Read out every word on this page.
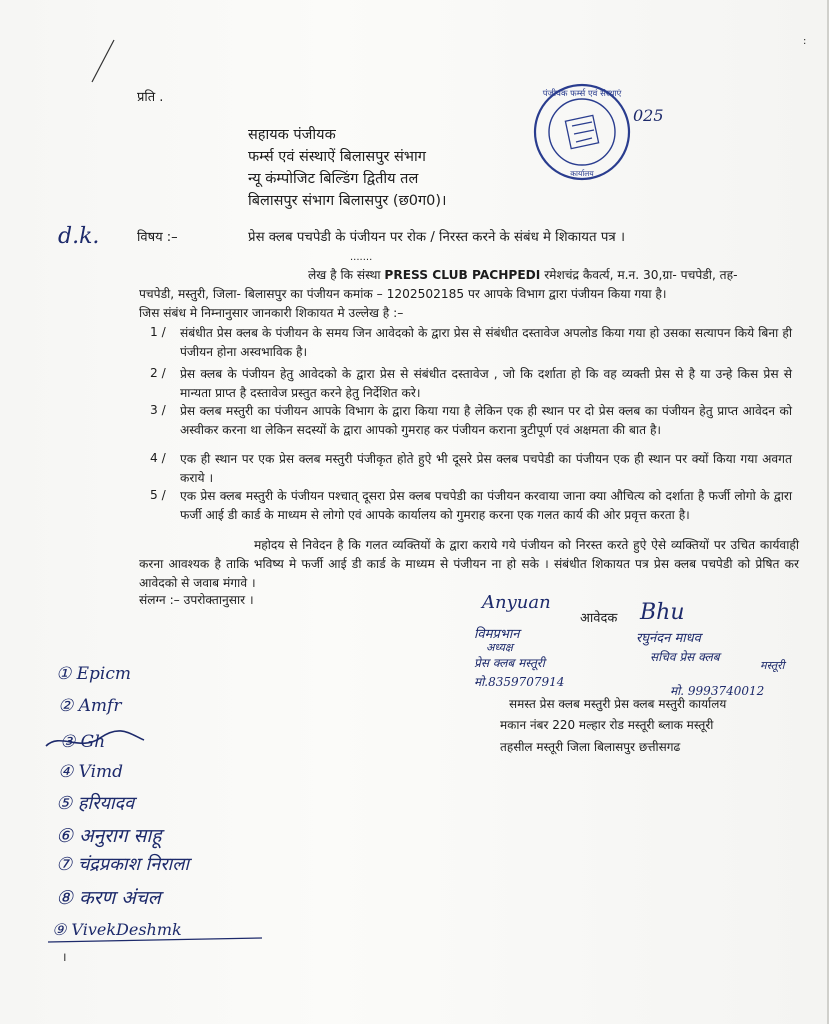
:
प्रति .
सहायक पंजीयक
फर्म्स एवं संस्थाऐं बिलासपुर संभाग
न्यू कंम्पोजिट बिल्डिंग द्वितीय तल
बिलासपुर संभाग बिलासपुर (छ0ग0)।
पंजीयक फर्म्स एवं संस्थाएं
कार्यालय
025
d.k.	विषय :–	प्रेस क्लब पचपेडी के पंजीयन पर रोक / निरस्त करने के संबंध मे शिकायत पत्र ।
.......
लेख है कि संस्था PRESS CLUB PACHPEDI रमेशचंद्र कैवर्त्य, म.न. 30,ग्रा- पचपेडी, तह-
पचपेडी, मस्तुरी, जिला- बिलासपुर का पंजीयन कमांक – 1202502185 पर आपके विभाग द्वारा पंजीयन किया गया है।
जिस संबंध मे निम्नानुसार जानकारी शिकायत मे उल्लेख है :–
1 / संबंधीत प्रेस क्लब के पंजीयन के समय जिन आवेदको के द्वारा प्रेस से संबंधीत दस्तावेज अपलोड किया गया हो उसका सत्यापन किये बिना ही पंजीयन होना अस्वभाविक है।
2 / प्रेस क्लब के पंजीयन हेतु आवेदको के द्वारा प्रेस से संबंधीत दस्तावेज , जो कि दर्शाता हो कि वह व्यक्ती प्रेस से है या उन्हे किस प्रेस से मान्यता प्राप्त है दस्तावेज प्रस्तुत करने हेतु निर्देशित करे।
3 / प्रेस क्लब मस्तुरी का पंजीयन आपके विभाग के द्वारा किया गया है लेकिन एक ही स्थान पर दो प्रेस क्लब का पंजीयन हेतु प्राप्त आवेदन को अस्वीकर करना था लेकिन सदस्यों के द्वारा आपको गुमराह कर पंजीयन कराना त्रुटीपूर्ण एवं अक्षमता की बात है।
4 / एक ही स्थान पर एक प्रेस क्लब मस्तुरी पंजीकृत होते हुऐ भी दूसरे प्रेस क्लब पचपेडी का पंजीयन एक ही स्थान पर क्यों किया गया अवगत कराये ।
5 / एक प्रेस क्लब मस्तुरी के पंजीयन पश्चात् दूसरा प्रेस क्लब पचपेडी का पंजीयन करवाया जाना क्या औचित्य को दर्शाता है फर्जी लोगो के द्वारा फर्जी आई डी कार्ड के माध्यम से लोगो एवं आपके कार्यालय को गुमराह करना एक गलत कार्य की ओर प्रवृत्त करता है।
महोदय से निवेदन है कि गलत व्यक्तियों के द्वारा कराये गये पंजीयन को निरस्त करते हुऐ ऐसे व्यक्तियों पर उचित कार्यवाही करना आवश्यक है ताकि भविष्य मे फर्जी आई डी कार्ड के माध्यम से पंजीयन ना हो सके । संबंधीत शिकायत पत्र प्रेस क्लब पचपेडी को प्रेषित कर आवेदको से जवाब मंगावे ।
संलग्न :– उपरोक्तानुसार ।	Anyuan
आवेदक Bhu
विमप्रभान
अध्यक्ष
प्रेस क्लब मस्तूरी
मो.8359707914
रघुनंदन माधव
सचिव प्रेस क्लब
मस्तूरी
मो. 9993740012
समस्त प्रेस क्लब मस्तुरी प्रेस क्लब मस्तुरी कार्यालय
मकान नंबर 220 मल्हार रोड मस्तूरी ब्लाक मस्तूरी
तहसील मस्तूरी जिला बिलासपुर छत्तीसगढ
① Epicm
② Amfr
③ Gh
④ Vimd
⑤ हरियादव
⑥ अनुराग साहू
⑦ चंद्रप्रकाश निराला
⑧ करण अंचल
⑨ VivekDeshmk
।
